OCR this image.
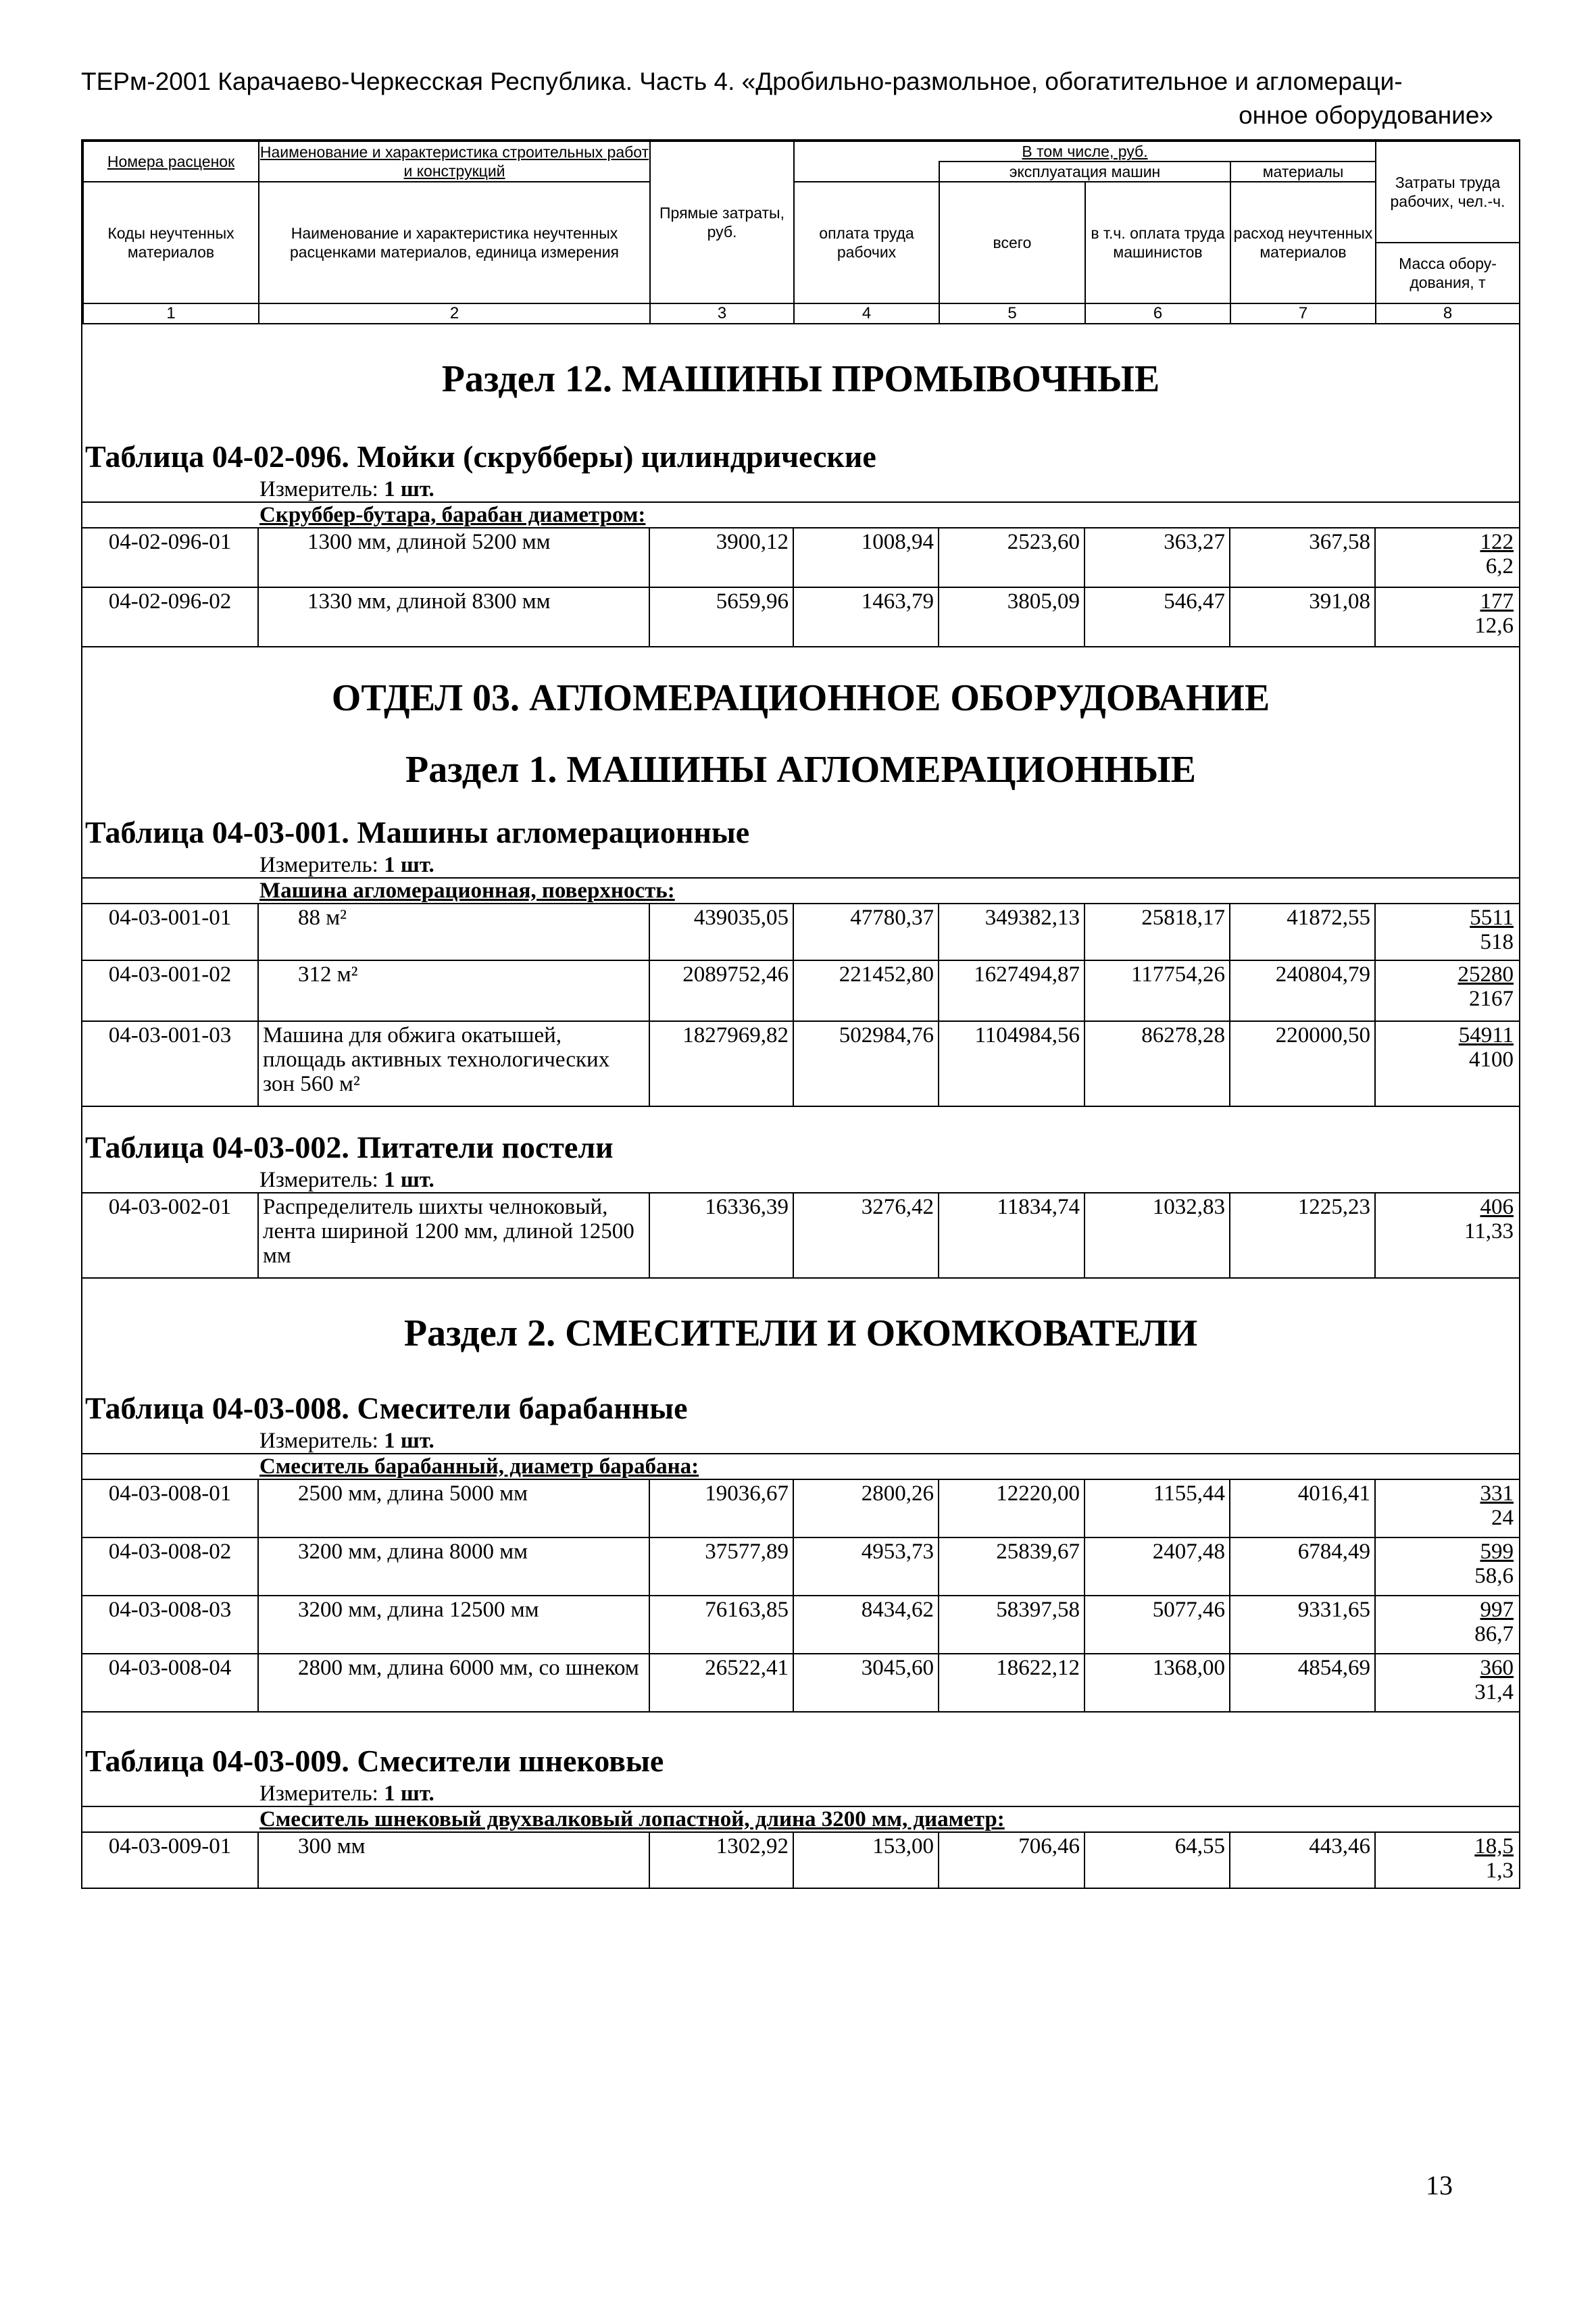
ТЕРм-2001 Карачаево-Черкесская Республика. Часть 4. «Дробильно-размольное, обогатительное и агломераци-
онное оборудование»
Номера расценок	Наименование и характеристика строительных работ и конструкций	Прямые затраты, руб.	В том числе, руб.				Затраты труда рабочих, чел.-ч.
				эксплуатация машин		материалы	
Коды неучтенных материалов	Наименование и характеристика неучтенных расценками материалов, единица измерения		оплата труда рабочих	всего	в т.ч. оплата труда машинистов	расход неучтенных материалов	
							Масса обору-дования, т
1	2	3	4	5	6	7	8
Раздел 12. МАШИНЫ ПРОМЫВОЧНЫЕ
Таблица 04-02-096. Мойки (скрубберы) цилиндрические
Измеритель: 1 шт.
Скруббер-бутара, барабан диаметром:
04-02-096-01	1300 мм, длиной 5200 мм	3900,12	1008,94	2523,60	363,27	367,58	122
6,2

04-02-096-02	1330 мм, длиной 8300 мм	5659,96	1463,79	3805,09	546,47	391,08	177
12,6
ОТДЕЛ 03. АГЛОМЕРАЦИОННОЕ ОБОРУДОВАНИЕ
Раздел 1. МАШИНЫ АГЛОМЕРАЦИОННЫЕ
Таблица 04-03-001. Машины агломерационные
Измеритель: 1 шт.
Машина агломерационная, поверхность:
04-03-001-01	88 м²	439035,05	47780,37	349382,13	25818,17	41872,55	5511
518

04-03-001-02	312 м²	2089752,46	221452,80	1627494,87	117754,26	240804,79	25280
2167

04-03-001-03	Машина для обжига окатышей, площадь активных технологических зон 560 м²	1827969,82	502984,76	1104984,56	86278,28	220000,50	54911
4100
Таблица 04-03-002. Питатели постели
Измеритель: 1 шт.
04-03-002-01	Распределитель шихты челноковый, лента шириной 1200 мм, длиной 12500 мм	16336,39	3276,42	11834,74	1032,83	1225,23	406
11,33
Раздел 2. СМЕСИТЕЛИ И ОКОМКОВАТЕЛИ
Таблица 04-03-008. Смесители барабанные
Измеритель: 1 шт.
Смеситель барабанный, диаметр барабана:
04-03-008-01	2500 мм, длина 5000 мм	19036,67	2800,26	12220,00	1155,44	4016,41	331
24

04-03-008-02	3200 мм, длина 8000 мм	37577,89	4953,73	25839,67	2407,48	6784,49	599
58,6

04-03-008-03	3200 мм, длина 12500 мм	76163,85	8434,62	58397,58	5077,46	9331,65	997
86,7

04-03-008-04	2800 мм, длина 6000 мм, со шнеком	26522,41	3045,60	18622,12	1368,00	4854,69	360
31,4
Таблица 04-03-009. Смесители шнековые
Измеритель: 1 шт.
Смеситель шнековый двухвалковый лопастной, длина 3200 мм, диаметр:
04-03-009-01	300 мм	1302,92	153,00	706,46	64,55	443,46	18,5
1,3
13
